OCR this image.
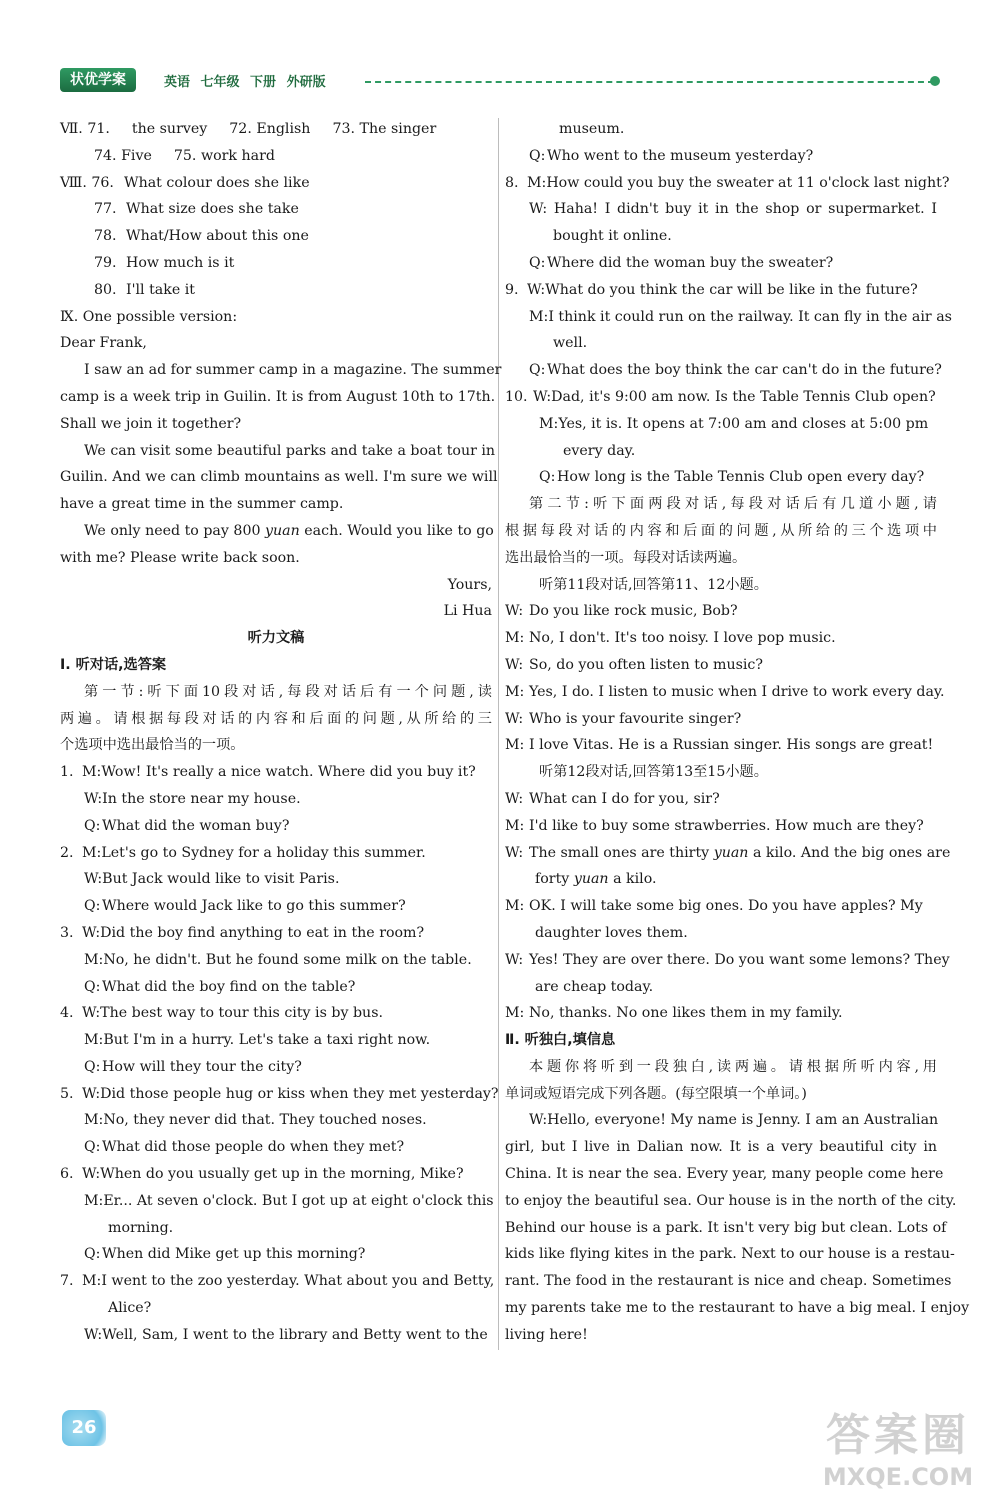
状优学案	英语 七年级 下册 外研版
Ⅶ. 71. the survey 72. English 73. The singer
74. Five 75. work hard
Ⅷ. 76. What colour does she like
77. What size does she take
78. What/How about this one
79. How much is it
80. I'll take it
Ⅸ. One possible version:
Dear Frank,
I saw an ad for summer camp in a magazine. The summer
camp is a week trip in Guilin. It is from August 10th to 17th.
Shall we join it together?
We can visit some beautiful parks and take a boat tour in
Guilin. And we can climb mountains as well. I'm sure we will
have a great time in the summer camp.
We only need to pay 800 yuan each. Would you like to go
with me? Please write back soon.
Yours,
Li Hua
听力文稿
Ⅰ. 听对话,选答案
第一节:听下面10段对话,每段对话后有一个问题,读
两遍。请根据每段对话的内容和后面的问题,从所给的三
个选项中选出最恰当的一项。
1. M:Wow! It's really a nice watch. Where did you buy it?
W:In the store near my house.
Q: What did the woman buy?
2. M:Let's go to Sydney for a holiday this summer.
W:But Jack would like to visit Paris.
Q: Where would Jack like to go this summer?
3. W:Did the boy find anything to eat in the room?
M:No, he didn't. But he found some milk on the table.
Q: What did the boy find on the table?
4. W:The best way to tour this city is by bus.
M:But I'm in a hurry. Let's take a taxi right now.
Q: How will they tour the city?
5. W:Did those people hug or kiss when they met yesterday?
M:No, they never did that. They touched noses.
Q: What did those people do when they met?
6. W:When do you usually get up in the morning, Mike?
M:Er... At seven o'clock. But I got up at eight o'clock this
morning.
Q: When did Mike get up this morning?
7. M:I went to the zoo yesterday. What about you and Betty,
Alice?
W:Well, Sam, I went to the library and Betty went to the
museum.
Q: Who went to the museum yesterday?
8. M:How could you buy the sweater at 11 o'clock last night?
W: Haha! I didn't buy it in the shop or supermarket. I
bought it online.
Q: Where did the woman buy the sweater?
9. W:What do you think the car will be like in the future?
M:I think it could run on the railway. It can fly in the air as
well.
Q: What does the boy think the car can't do in the future?
10. W:Dad, it's 9:00 am now. Is the Table Tennis Club open?
M:Yes, it is. It opens at 7:00 am and closes at 5:00 pm
every day.
Q: How long is the Table Tennis Club open every day?
第二节:听下面两段对话,每段对话后有几道小题,请
根据每段对话的内容和后面的问题,从所给的三个选项中
选出最恰当的一项。每段对话读两遍。
听第11段对话,回答第11、12小题。
W: Do you like rock music, Bob?
M: No, I don't. It's too noisy. I love pop music.
W: So, do you often listen to music?
M: Yes, I do. I listen to music when I drive to work every day.
W: Who is your favourite singer?
M: I love Vitas. He is a Russian singer. His songs are great!
听第12段对话,回答第13至15小题。
W: What can I do for you, sir?
M: I'd like to buy some strawberries. How much are they?
W: The small ones are thirty yuan a kilo. And the big ones are
forty yuan a kilo.
M: OK. I will take some big ones. Do you have apples? My
daughter loves them.
W: Yes! They are over there. Do you want some lemons? They
are cheap today.
M: No, thanks. No one likes them in my family.
Ⅱ. 听独白,填信息
本题你将听到一段独白,读两遍。请根据所听内容,用
单词或短语完成下列各题。(每空限填一个单词。)
W:Hello, everyone! My name is Jenny. I am an Australian
girl, but I live in Dalian now. It is a very beautiful city in
China. It is near the sea. Every year, many people come here
to enjoy the beautiful sea. Our house is in the north of the city.
Behind our house is a park. It isn't very big but clean. Lots of
kids like flying kites in the park. Next to our house is a restau-
rant. The food in the restaurant is nice and cheap. Sometimes
my parents take me to the restaurant to have a big meal. I enjoy
living here!
26	答案圈
MXQE.COM
